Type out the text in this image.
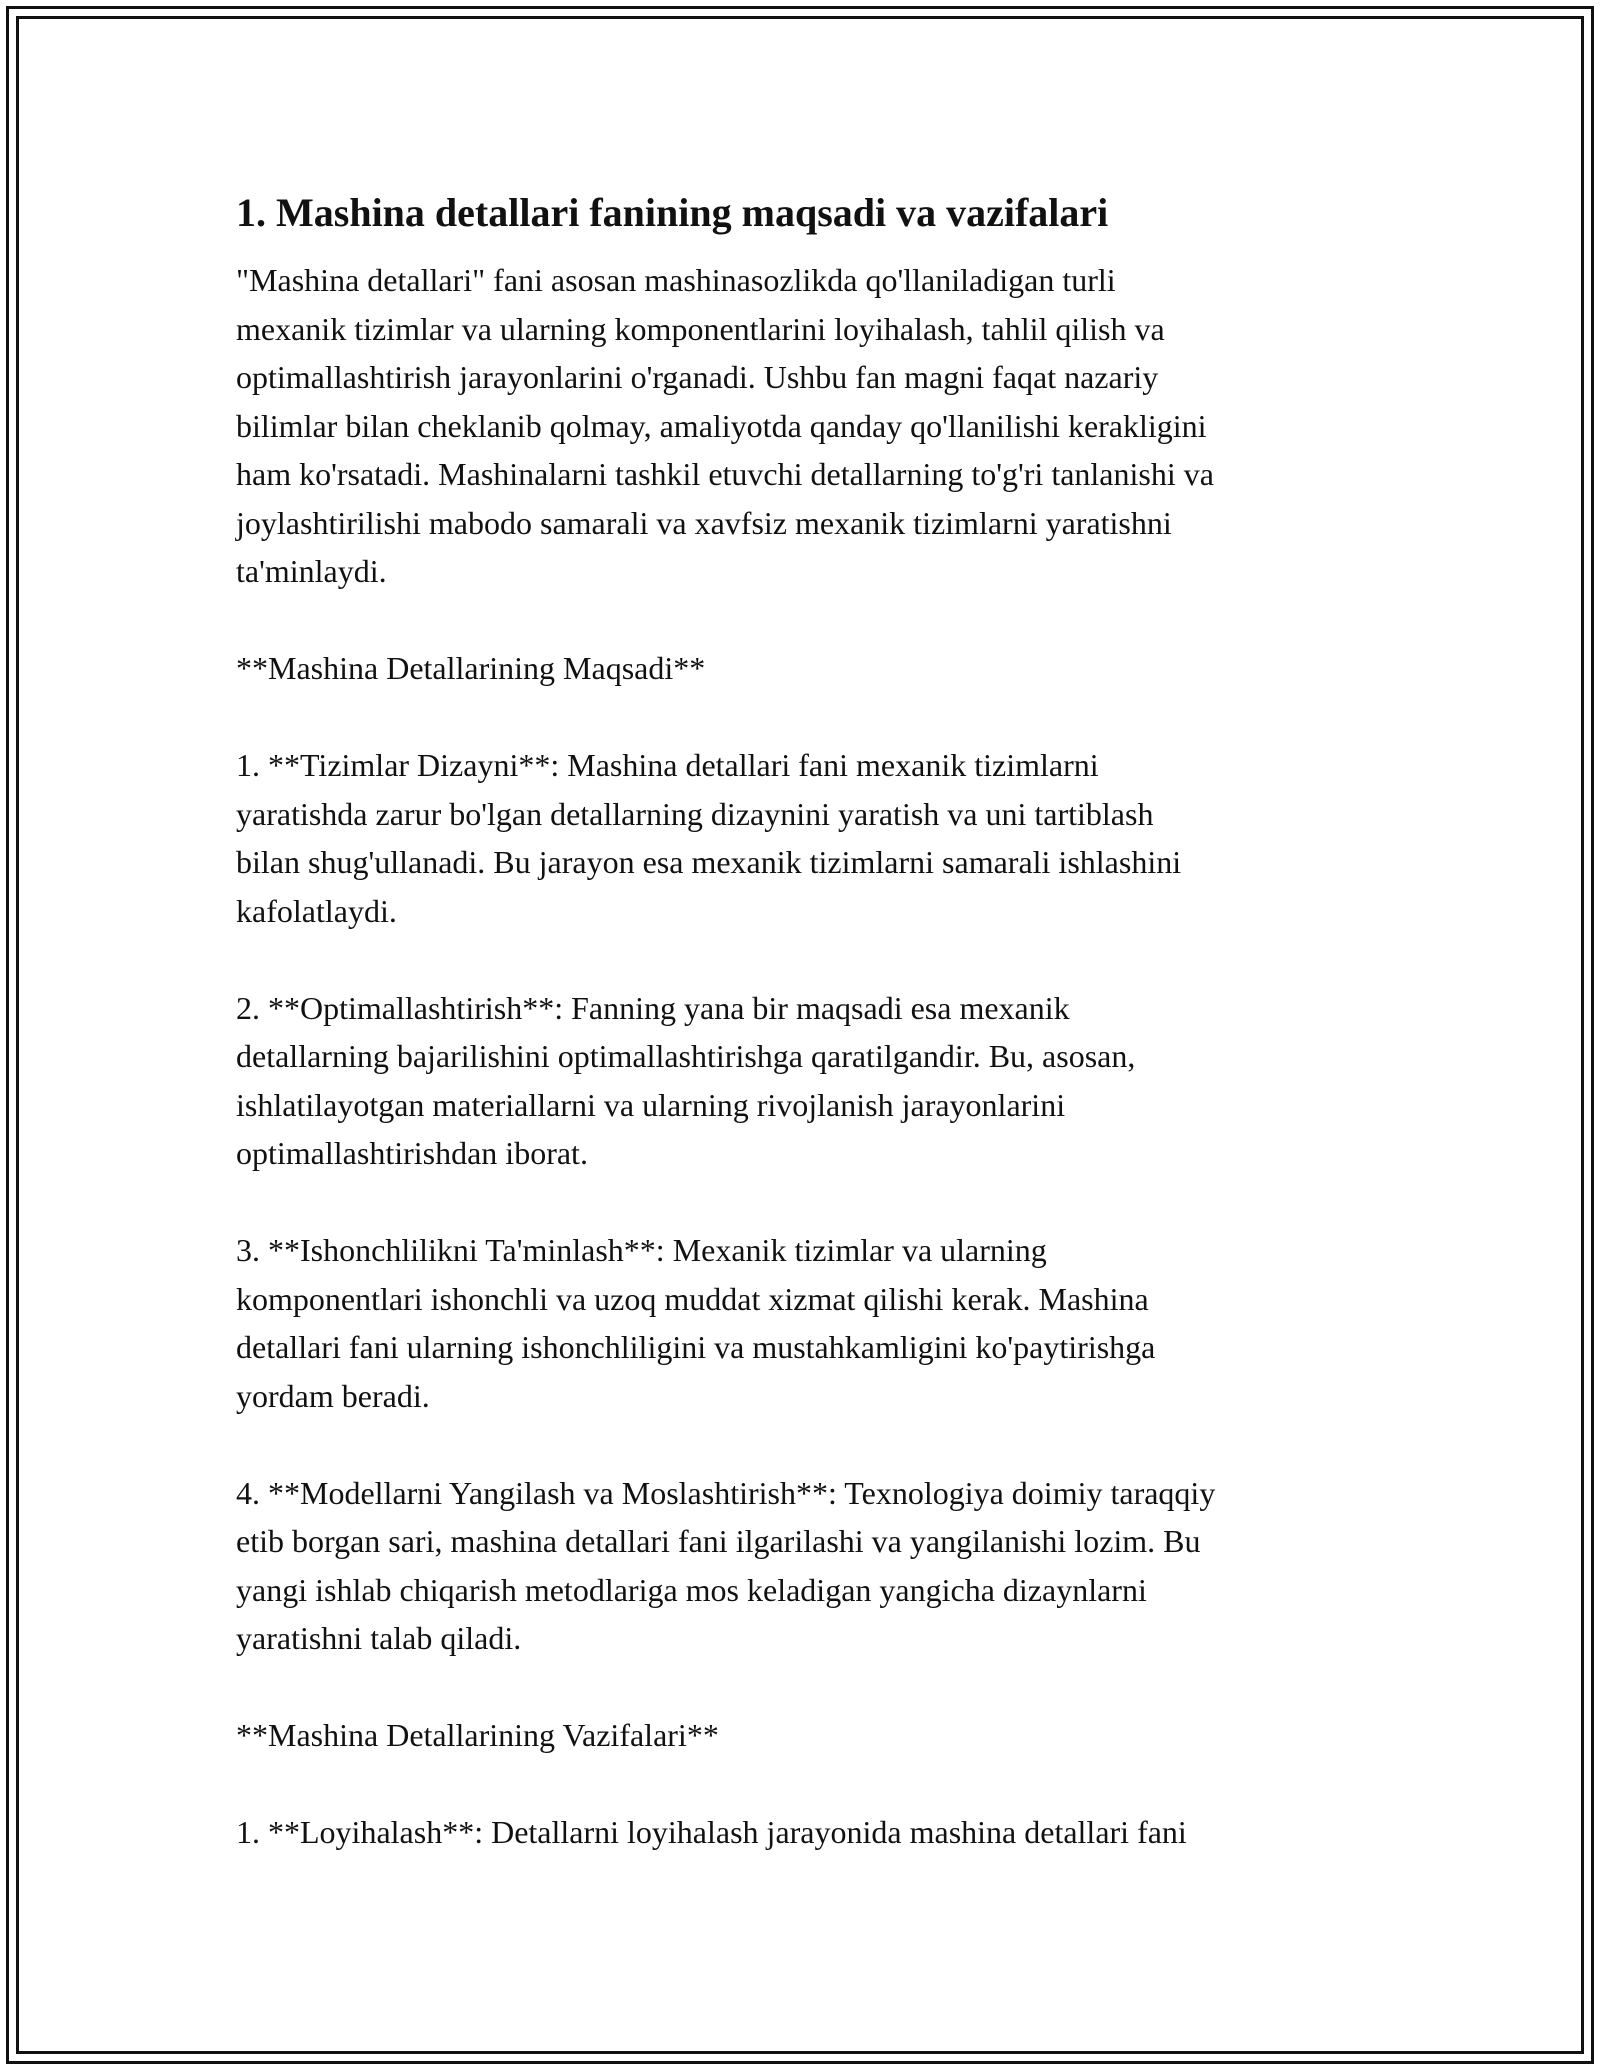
1. Mashina detallari fanining maqsadi va vazifalari
"Mashina detallari" fani asosan mashinasozlikda qo'llaniladigan turli
mexanik tizimlar va ularning komponentlarini loyihalash, tahlil qilish va
optimallashtirish jarayonlarini o'rganadi. Ushbu fan magni faqat nazariy
bilimlar bilan cheklanib qolmay, amaliyotda qanday qo'llanilishi kerakligini
ham ko'rsatadi. Mashinalarni tashkil etuvchi detallarning to'g'ri tanlanishi va
joylashtirilishi mabodo samarali va xavfsiz mexanik tizimlarni yaratishni
ta'minlaydi.
**Mashina Detallarining Maqsadi**
1. **Tizimlar Dizayni**: Mashina detallari fani mexanik tizimlarni
yaratishda zarur bo'lgan detallarning dizaynini yaratish va uni tartiblash
bilan shug'ullanadi. Bu jarayon esa mexanik tizimlarni samarali ishlashini
kafolatlaydi.
2. **Optimallashtirish**: Fanning yana bir maqsadi esa mexanik
detallarning bajarilishini optimallashtirishga qaratilgandir. Bu, asosan,
ishlatilayotgan materiallarni va ularning rivojlanish jarayonlarini
optimallashtirishdan iborat.
3. **Ishonchlilikni Ta'minlash**: Mexanik tizimlar va ularning
komponentlari ishonchli va uzoq muddat xizmat qilishi kerak. Mashina
detallari fani ularning ishonchliligini va mustahkamligini ko'paytirishga
yordam beradi.
4. **Modellarni Yangilash va Moslashtirish**: Texnologiya doimiy taraqqiy
etib borgan sari, mashina detallari fani ilgarilashi va yangilanishi lozim. Bu
yangi ishlab chiqarish metodlariga mos keladigan yangicha dizaynlarni
yaratishni talab qiladi.
**Mashina Detallarining Vazifalari**
1. **Loyihalash**: Detallarni loyihalash jarayonida mashina detallari fani
